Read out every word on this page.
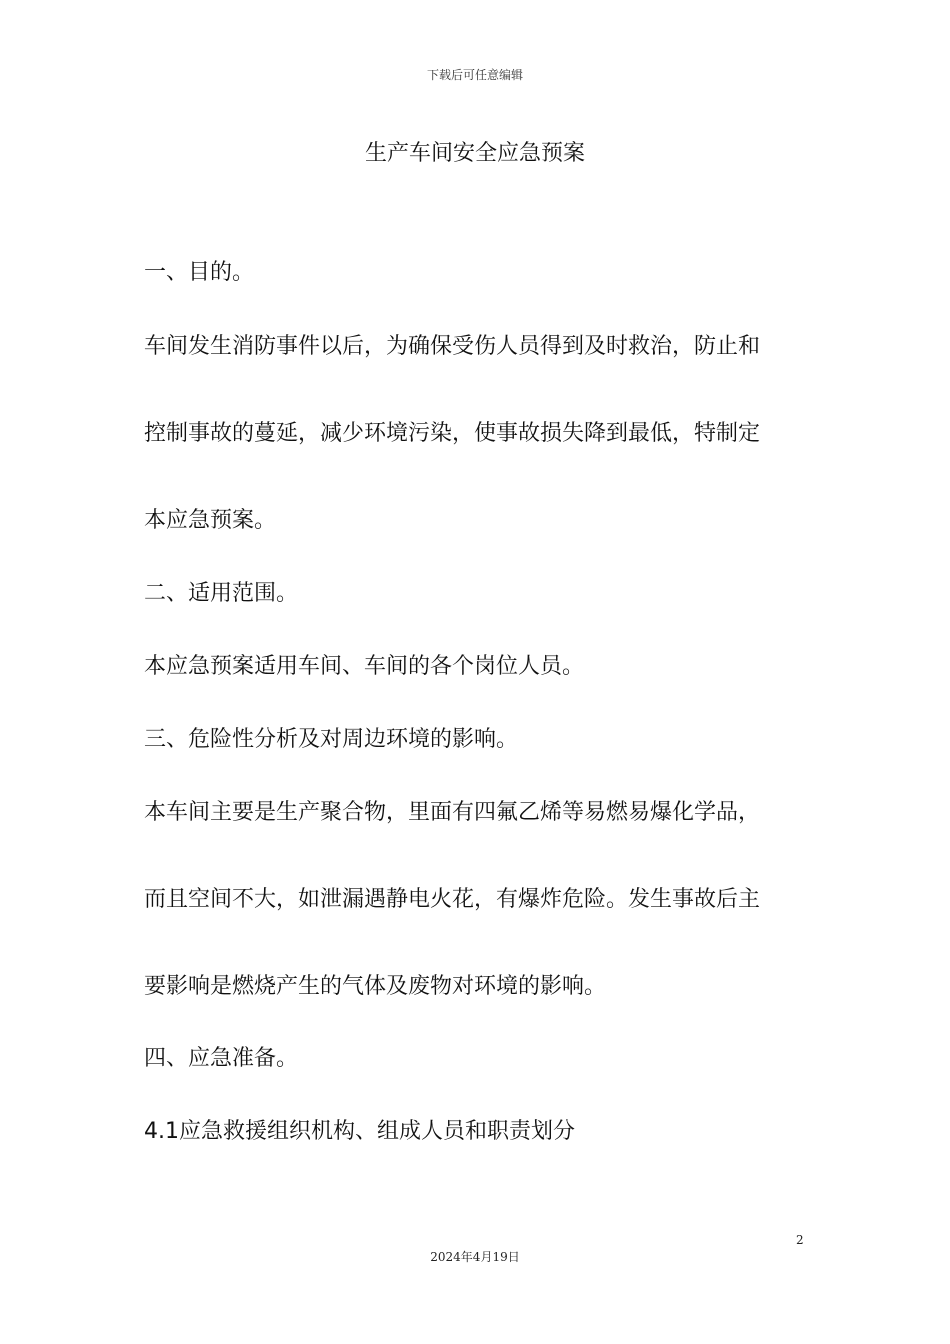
下载后可任意编辑
生产车间安全应急预案
一、目的。
车间发生消防事件以后，为确保受伤人员得到及时救治，防止和
控制事故的蔓延，减少环境污染，使事故损失降到最低，特制定
本应急预案。
二、适用范围。
本应急预案适用车间、车间的各个岗位人员。
三、危险性分析及对周边环境的影响。
本车间主要是生产聚合物，里面有四氟乙烯等易燃易爆化学品，
而且空间不大，如泄漏遇静电火花，有爆炸危险。发生事故后主
要影响是燃烧产生的气体及废物对环境的影响。
四、应急准备。
4.1应急救援组织机构、组成人员和职责划分
2
2024年4月19日
